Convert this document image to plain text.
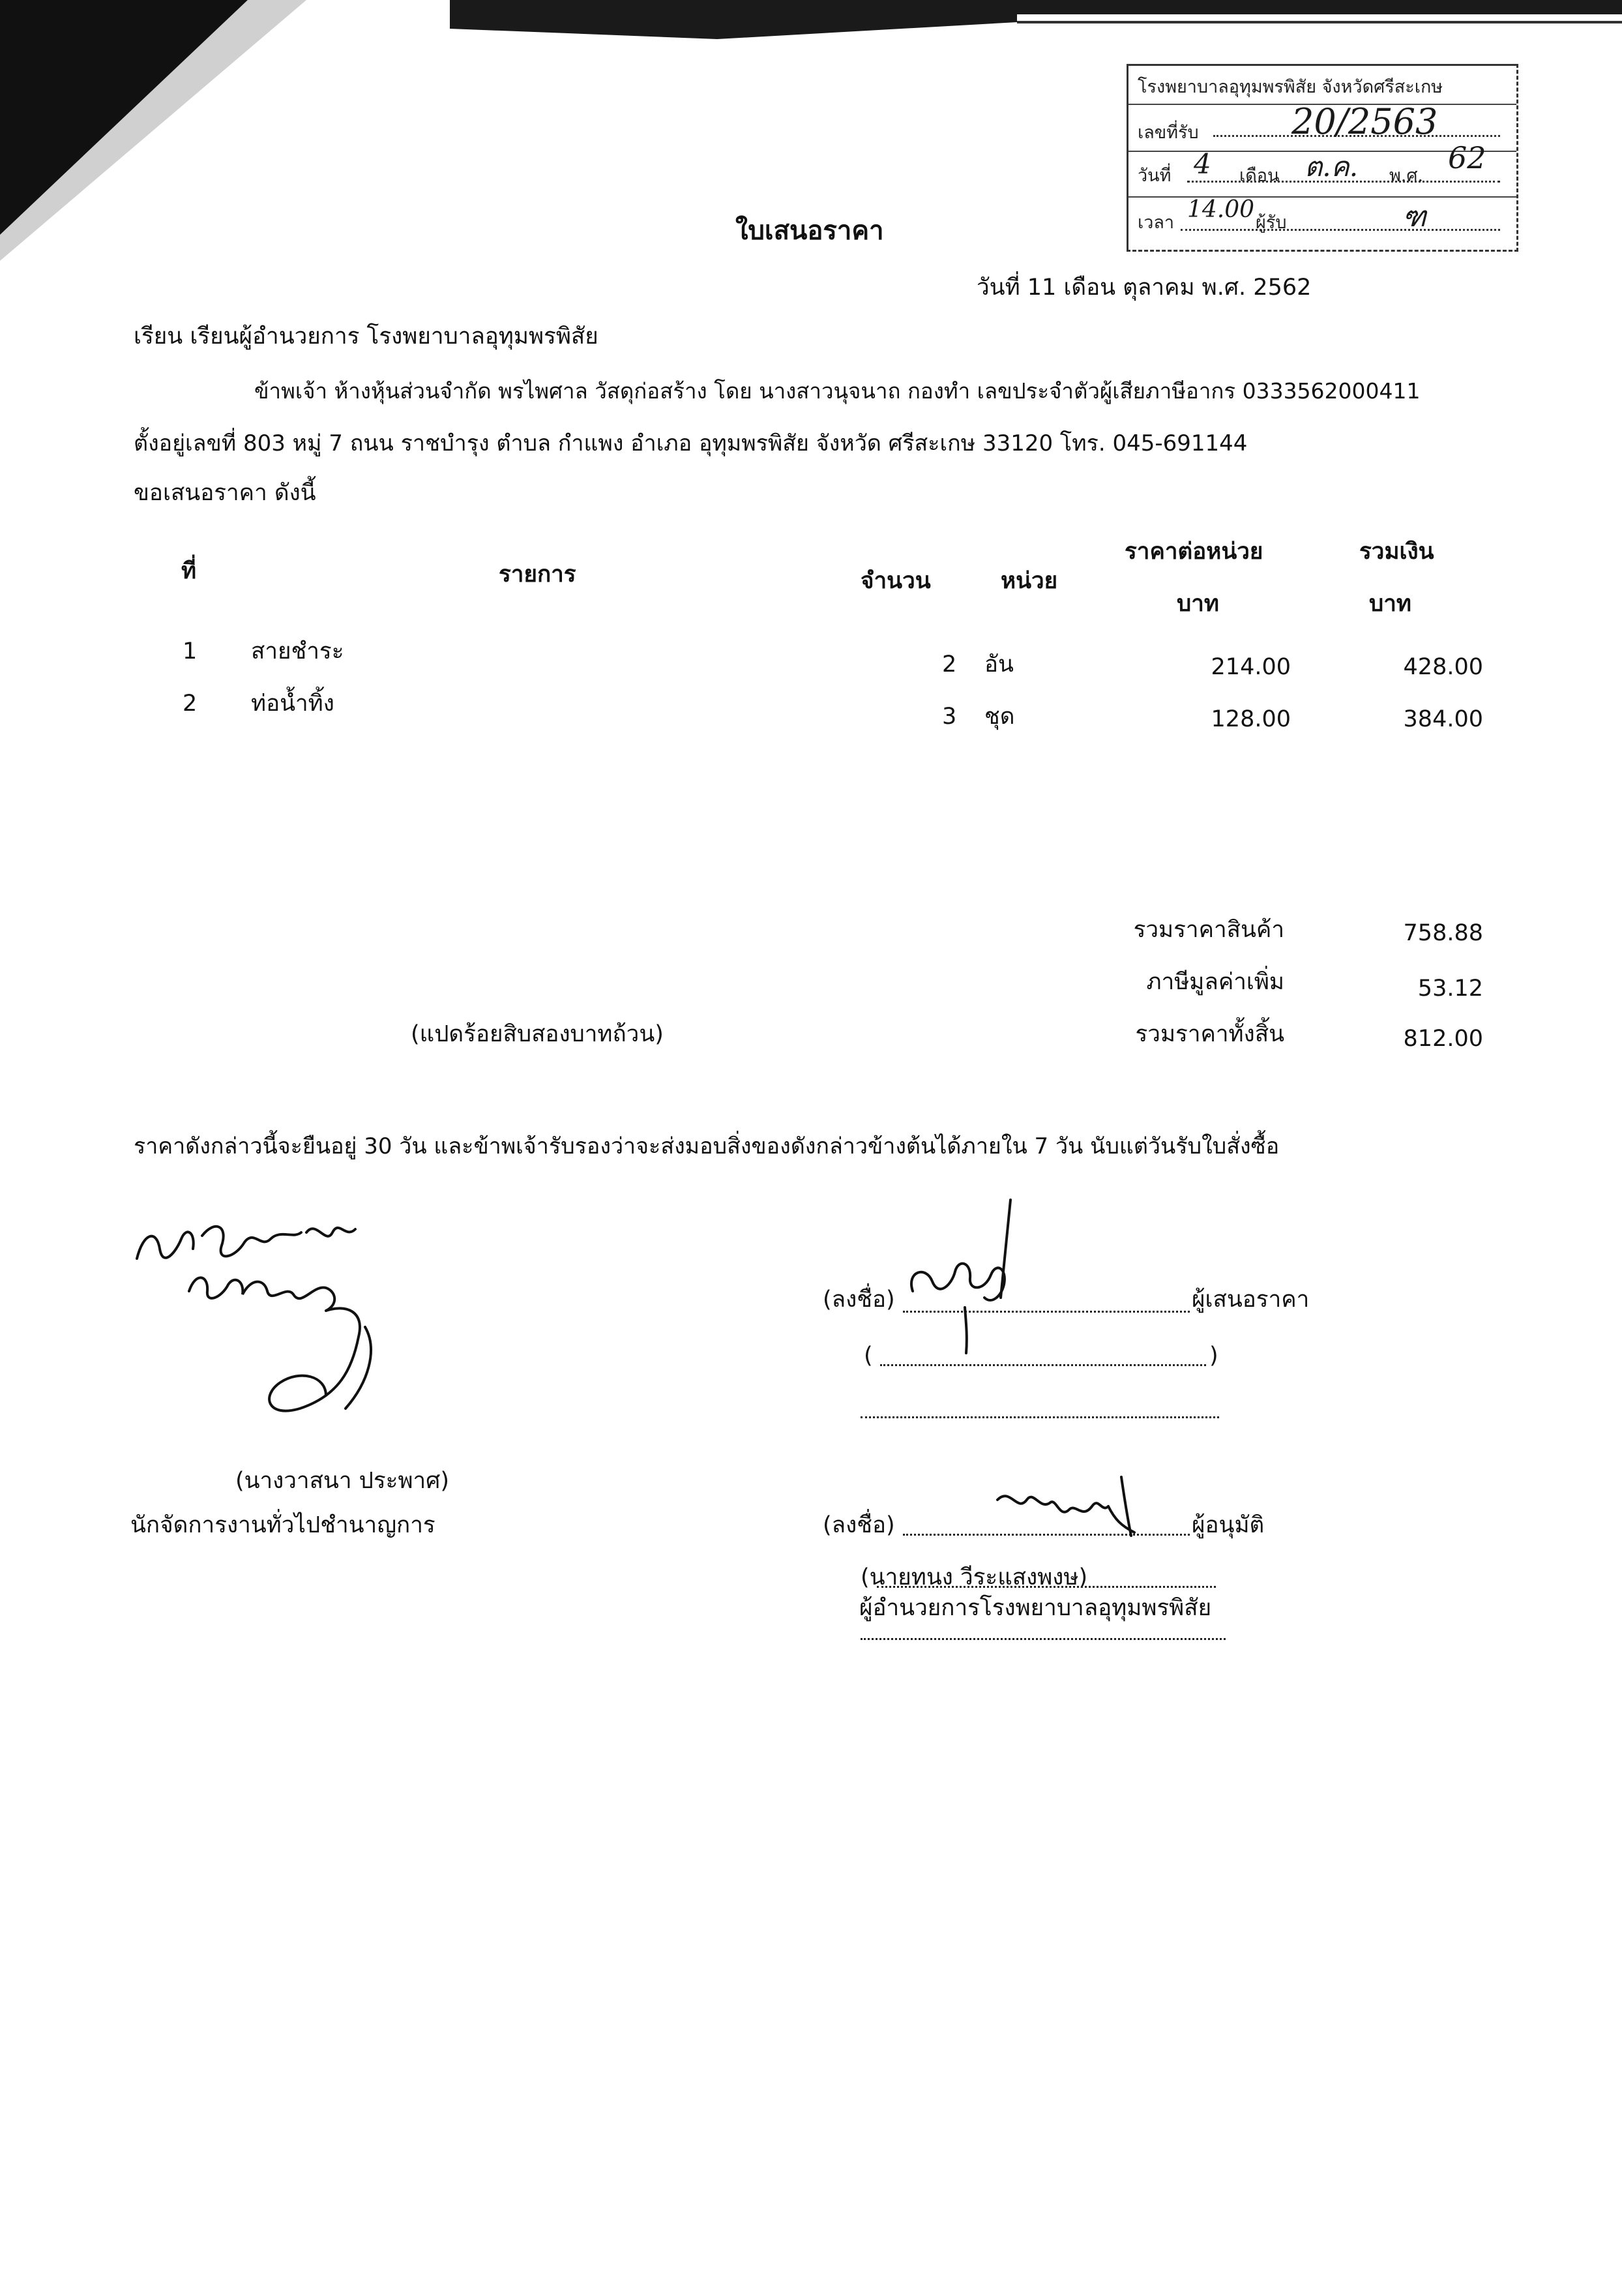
โรงพยาบาลอุทุมพรพิสัย จังหวัดศรีสะเกษ
เลขที่รับ	20/2563
วันที่ 4 เดือน ต.ค. พ.ศ.
62
เวลา 14.00 ผู้รับ	ฑ
ใบเสนอราคา
วันที่ 11 เดือน ตุลาคม พ.ศ. 2562
เรียน เรียนผู้อำนวยการ โรงพยาบาลอุทุมพรพิสัย
ข้าพเจ้า ห้างหุ้นส่วนจำกัด พรไพศาล วัสดุก่อสร้าง โดย นางสาวนุจนาถ กองทำ เลขประจำตัวผู้เสียภาษีอากร 0333562000411
ตั้งอยู่เลขที่ 803 หมู่ 7 ถนน ราชบำรุง ตำบล กำแพง อำเภอ อุทุมพรพิสัย จังหวัด ศรีสะเกษ 33120 โทร. 045-691144
ขอเสนอราคา ดังนี้
ที่	รายการ	จำนวน	หน่วย
ราคาต่อหน่วย
บาท
รวมเงิน
บาท
1 สายชำระ	2 อัน	214.00	428.00
2 ท่อน้ำทิ้ง	3 ชุด	128.00	384.00
รวมราคาสินค้า	758.88
ภาษีมูลค่าเพิ่ม	53.12
(แปดร้อยสิบสองบาทถ้วน)	รวมราคาทั้งสิ้น	812.00
ราคาดังกล่าวนี้จะยืนอยู่ 30 วัน และข้าพเจ้ารับรองว่าจะส่งมอบสิ่งของดังกล่าวข้างต้นได้ภายใน 7 วัน นับแต่วันรับใบสั่งซื้อ
(นางวาสนา ประพาศ)
นักจัดการงานทั่วไปชำนาญการ
(ลงชื่อ)	ผู้เสนอราคา
(	)
(ลงชื่อ)	ผู้อนุมัติ
(นายทนง วีระแสงพงษ)
ผู้อำนวยการโรงพยาบาลอุทุมพรพิสัย
